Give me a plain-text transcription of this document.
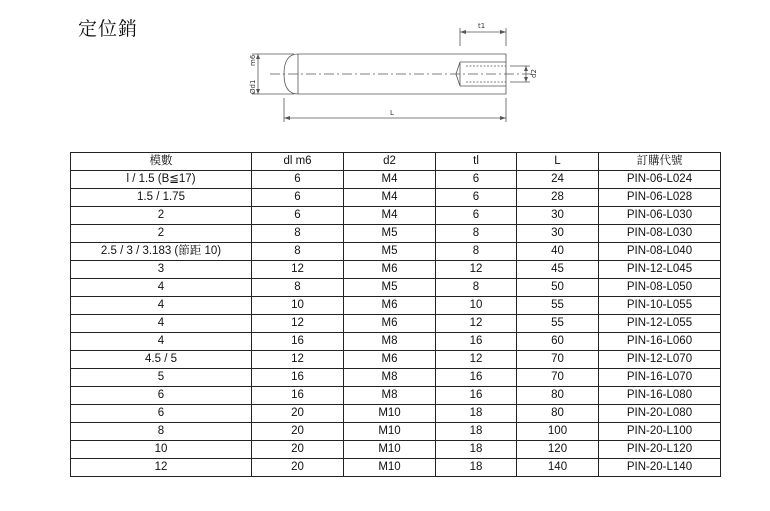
定位銷	t1
d2
Ød1
m6
L
模數	dl m6	d2	tl	L	訂購代號
l / 1.5 (B≦17)	6	M4	6	24	PIN-06-L024
1.5 / 1.75	6	M4	6	28	PIN-06-L028
2	6	M4	6	30	PIN-06-L030
2	8	M5	8	30	PIN-08-L030
2.5 / 3 / 3.183 (節距 10)	8	M5	8	40	PIN-08-L040
3	12	M6	12	45	PIN-12-L045
4	8	M5	8	50	PIN-08-L050
4	10	M6	10	55	PIN-10-L055
4	12	M6	12	55	PIN-12-L055
4	16	M8	16	60	PIN-16-L060
4.5 / 5	12	M6	12	70	PIN-12-L070
5	16	M8	16	70	PIN-16-L070
6	16	M8	16	80	PIN-16-L080
6	20	M10	18	80	PIN-20-L080
8	20	M10	18	100	PIN-20-L100
10	20	M10	18	120	PIN-20-L120
12	20	M10	18	140	PIN-20-L140
